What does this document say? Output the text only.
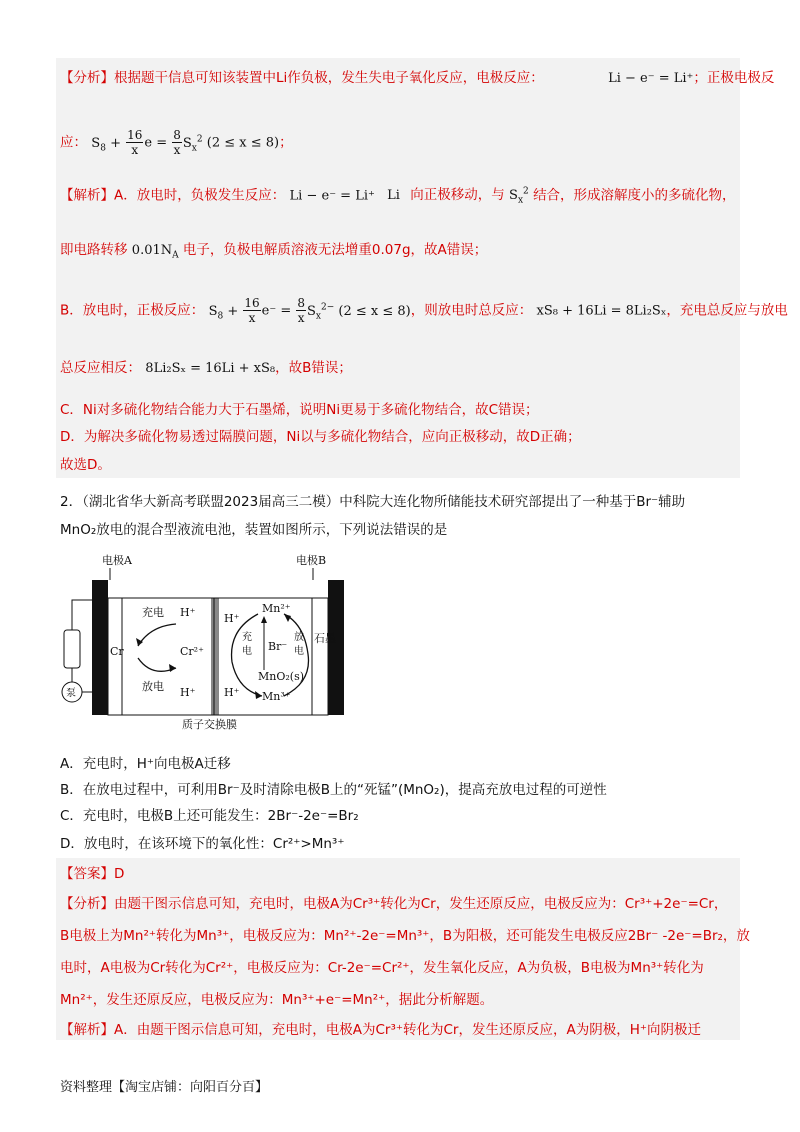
【分析】根据题干信息可知该装置中Li作负极，发生失电子氧化反应，电极反应：	Li − e⁻ = Li⁺；正极电极反
应： $S_8 + \frac{16}{x}$ $e = \frac{8}{x} S_x^2$ (2 ≤ x ≤ 8)；
【解析】A．放电时，负极发生反应： Li − e⁻ = Li⁺ Li 向正极移动，与 $S_x^2$ 结合，形成溶解度小的多硫化物，
即电路转移 $0.01N_A$ 电子，负极电解质溶液无法增重0.07g，故A错误；
B．放电时，正极反应： $S_8 + \frac{16}{x} e^- = \frac{8}{x} S_x^{2-}$ (2 ≤ x ≤ 8)，则放电时总反应： xS₈ + 16Li = 8Li₂Sₓ，充电总反应与放电
总反应相反： 8Li₂Sₓ = 16Li + xS₈，故B错误；
C．Ni对多硫化物结合能力大于石墨烯，说明Ni更易于多硫化物结合，故C错误；
D．为解决多硫化物易透过隔膜问题，Ni以与多硫化物结合，应向正极移动，故D正确；
故选D。
2．（湖北省华大新高考联盟2023届高三二模）中科院大连化物所储能技术研究部提出了一种基于Br⁻辅助
MnO₂放电的混合型液流电池，装置如图所示，下列说法错误的是
电极A	电极B
泵
Cr
充电 H⁺
Cr²⁺
放电 H⁺
H⁺
Mn²⁺
Br⁻
MnO₂(s)
Mn³⁺
H⁺
石墨
充电
放电
质子交换膜
A．充电时，H⁺向电极A迁移
B．在放电过程中，可利用Br⁻及时清除电极B上的“死锰”(MnO₂)，提高充放电过程的可逆性
C．充电时，电极B上还可能发生：2Br⁻-2e⁻=Br₂
D．放电时，在该环境下的氧化性：Cr²⁺>Mn³⁺
【答案】D
【分析】由题干图示信息可知，充电时，电极A为Cr³⁺转化为Cr，发生还原反应，电极反应为：Cr³⁺+2e⁻=Cr，
B电极上为Mn²⁺转化为Mn³⁺，电极反应为：Mn²⁺-2e⁻=Mn³⁺，B为阳极，还可能发生电极反应2Br⁻ -2e⁻=Br₂，放
电时，A电极为Cr转化为Cr²⁺，电极反应为：Cr-2e⁻=Cr²⁺，发生氧化反应，A为负极，B电极为Mn³⁺转化为
Mn²⁺，发生还原反应，电极反应为：Mn³⁺+e⁻=Mn²⁺，据此分析解题。
【解析】A．由题干图示信息可知，充电时，电极A为Cr³⁺转化为Cr，发生还原反应，A为阴极，H⁺向阴极迁
资料整理【淘宝店铺：向阳百分百】
